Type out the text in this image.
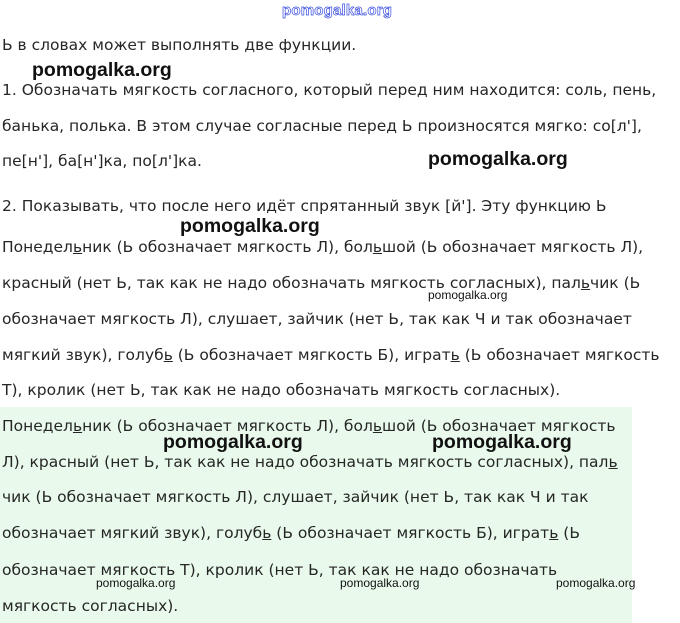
Ь в словах может выполнять две функции.
1. Обозначать мягкость согласного, который перед ним находится: соль, пень,
банька, полька. В этом случае согласные перед Ь произносятся мягко: со[л'],
пе[н'], ба[н']ка, по[л']ка.
2. Показывать, что после него идёт спрятанный звук [й']. Эту функцию Ь
Понедельник (Ь обозначает мягкость Л), большой (Ь обозначает мягкость Л),
красный (нет Ь, так как не надо обозначать мягкость согласных), пальчик (Ь
обозначает мягкость Л), слушает, зайчик (нет Ь, так как Ч и так обозначает
мягкий звук), голубь (Ь обозначает мягкость Б), играть (Ь обозначает мягкость
Т), кролик (нет Ь, так как не надо обозначать мягкость согласных).
Понедельник (Ь обозначает мягкость Л), большой (Ь обозначает мягкость
Л), красный (нет Ь, так как не надо обозначать мягкость согласных), паль
чик (Ь обозначает мягкость Л), слушает, зайчик (нет Ь, так как Ч и так
обозначает мягкий звук), голубь (Ь обозначает мягкость Б), играть (Ь
обозначает мягкость Т), кролик (нет Ь, так как не надо обозначать
мягкость согласных).
pomogalka.org
pomogalka.org
pomogalka.org
pomogalka.org
pomogalka.org
pomogalka.org	pomogalka.org
pomogalka.org	pomogalka.org	pomogalka.org
